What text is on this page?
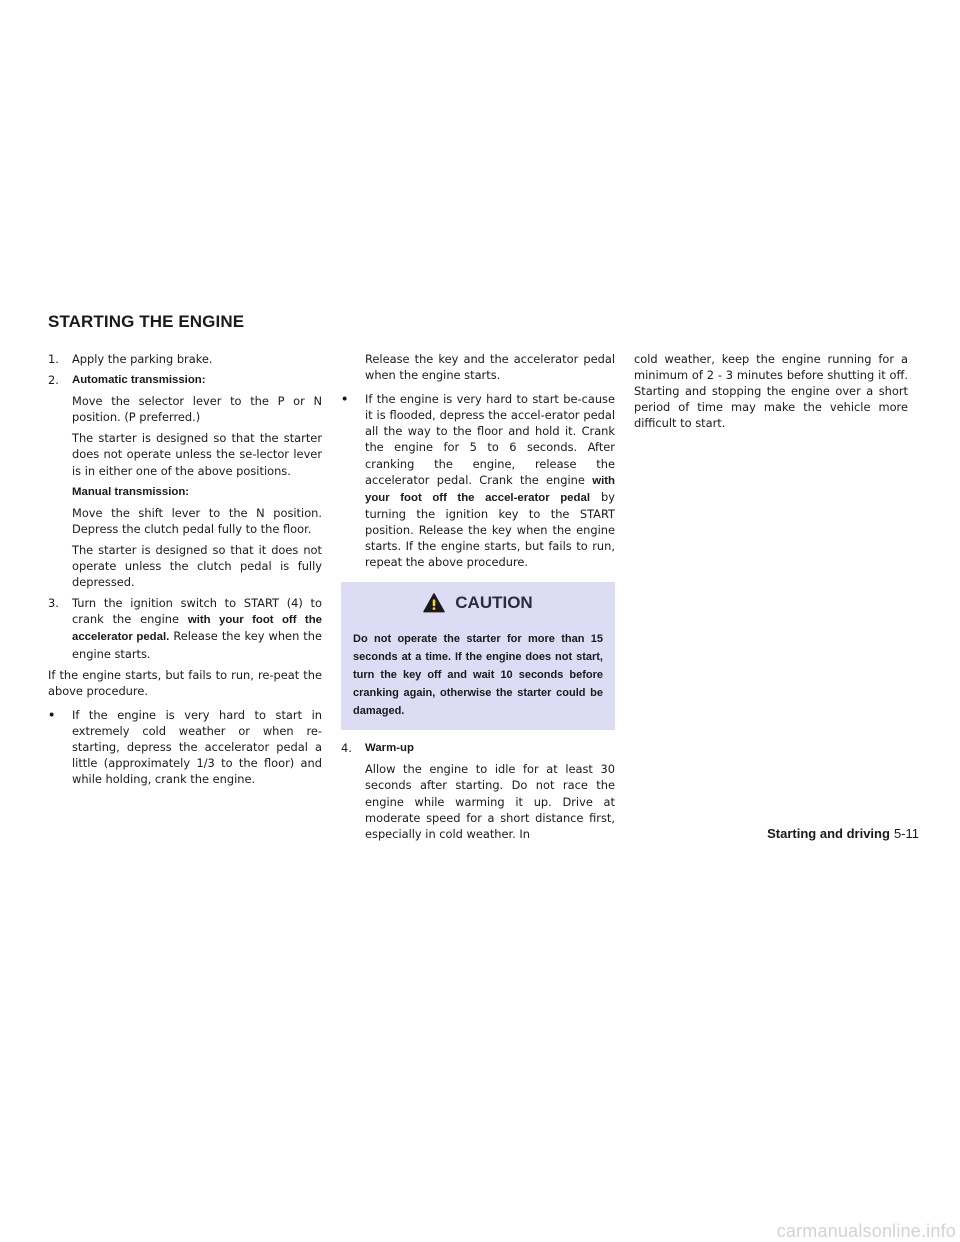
STARTING THE ENGINE

1.	Apply the parking brake.

2.	Automatic transmission:

Move the selector lever to the P or N position. (P preferred.)

The starter is designed so that the starter does not operate unless the se-lector lever is in either one of the above positions.

Manual transmission:

Move the shift lever to the N position. Depress the clutch pedal fully to the floor.

The starter is designed so that it does not operate unless the clutch pedal is fully depressed.

3.	Turn the ignition switch to START (4) to crank the engine with your foot off the accelerator pedal. Release the key when the engine starts.

If the engine starts, but fails to run, re-peat the above procedure.

•	If the engine is very hard to start in extremely cold weather or when re-starting, depress the accelerator pedal a little (approximately 1/3 to the floor) and while holding, crank the engine.

Release the key and the accelerator pedal when the engine starts.

•	If the engine is very hard to start be-cause it is flooded, depress the accel-erator pedal all the way to the floor and hold it. Crank the engine for 5 to 6 seconds. After cranking the engine, release the accelerator pedal. Crank the engine with your foot off the accel-erator pedal by turning the ignition key to the START position. Release the key when the engine starts. If the engine starts, but fails to run, repeat the above procedure.
CAUTION
Do not operate the starter for more than 15 seconds at a time. If the engine does not start, turn the key off and wait 10 seconds before cranking again, otherwise the starter could be damaged.

4.	Warm-up

Allow the engine to idle for at least 30 seconds after starting. Do not race the engine while warming it up. Drive at moderate speed for a short distance first, especially in cold weather. In

cold weather, keep the engine running for a minimum of 2 - 3 minutes before shutting it off. Starting and stopping the engine over a short period of time may make the vehicle more difficult to start.

Starting and driving 5-11
carmanualsonline.info
